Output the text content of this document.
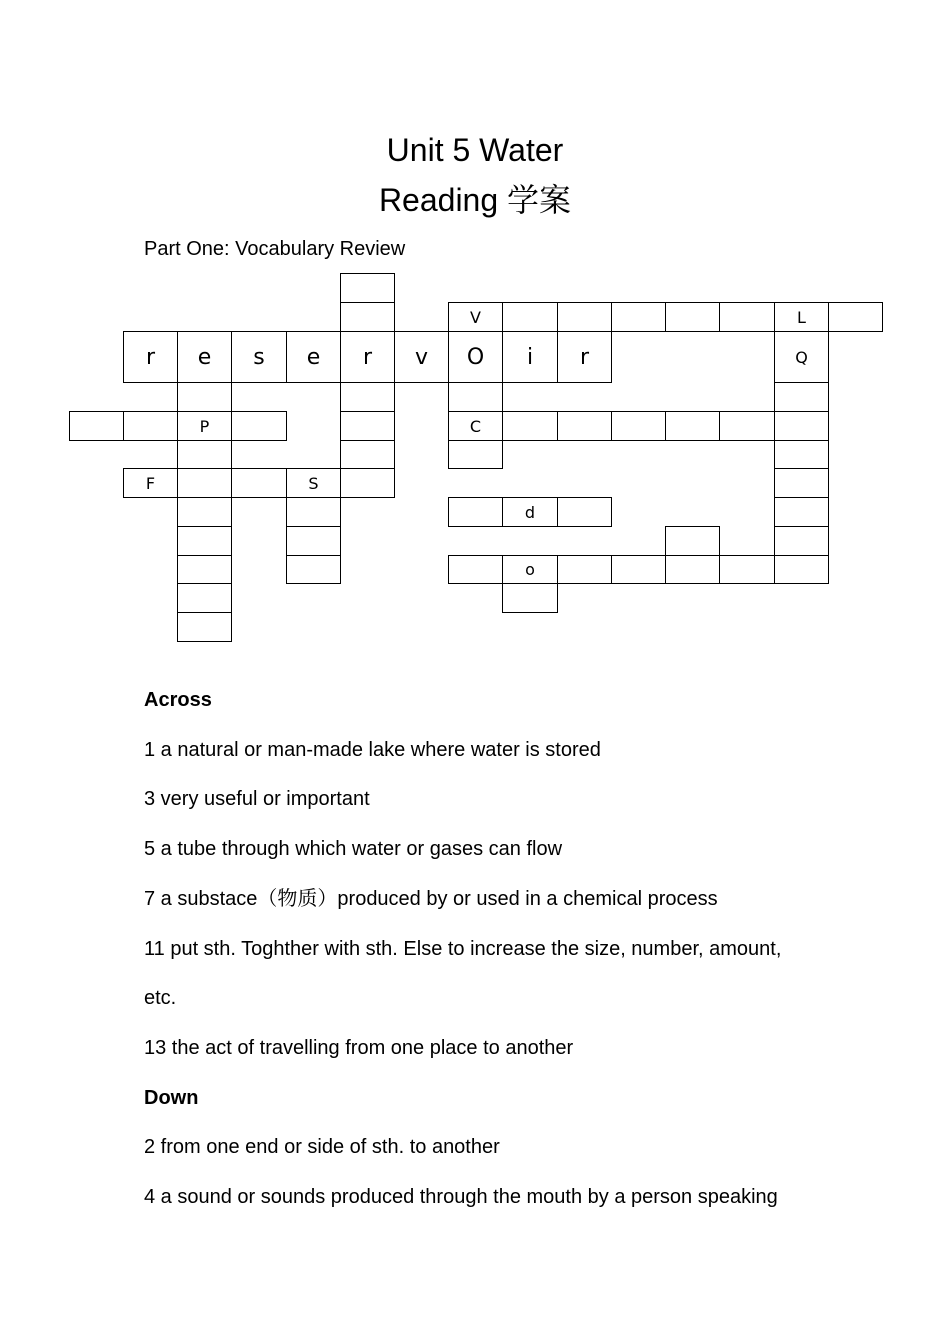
Unit 5 Water
Reading 学案
Part One: Vocabulary Review
V	L
r	e	s	e	r	v	O	i	r	Q
P	C
F	S
d
o
Across
1 a natural or man-made lake where water is stored
3 very useful or important
5 a tube through which water or gases can flow
7 a substace（物质）produced by or used in a chemical process
11 put sth. Toghther with sth. Else to increase the size, number, amount,
etc.
13 the act of travelling from one place to another
Down
2 from one end or side of sth. to another
4 a sound or sounds produced through the mouth by a person speaking
